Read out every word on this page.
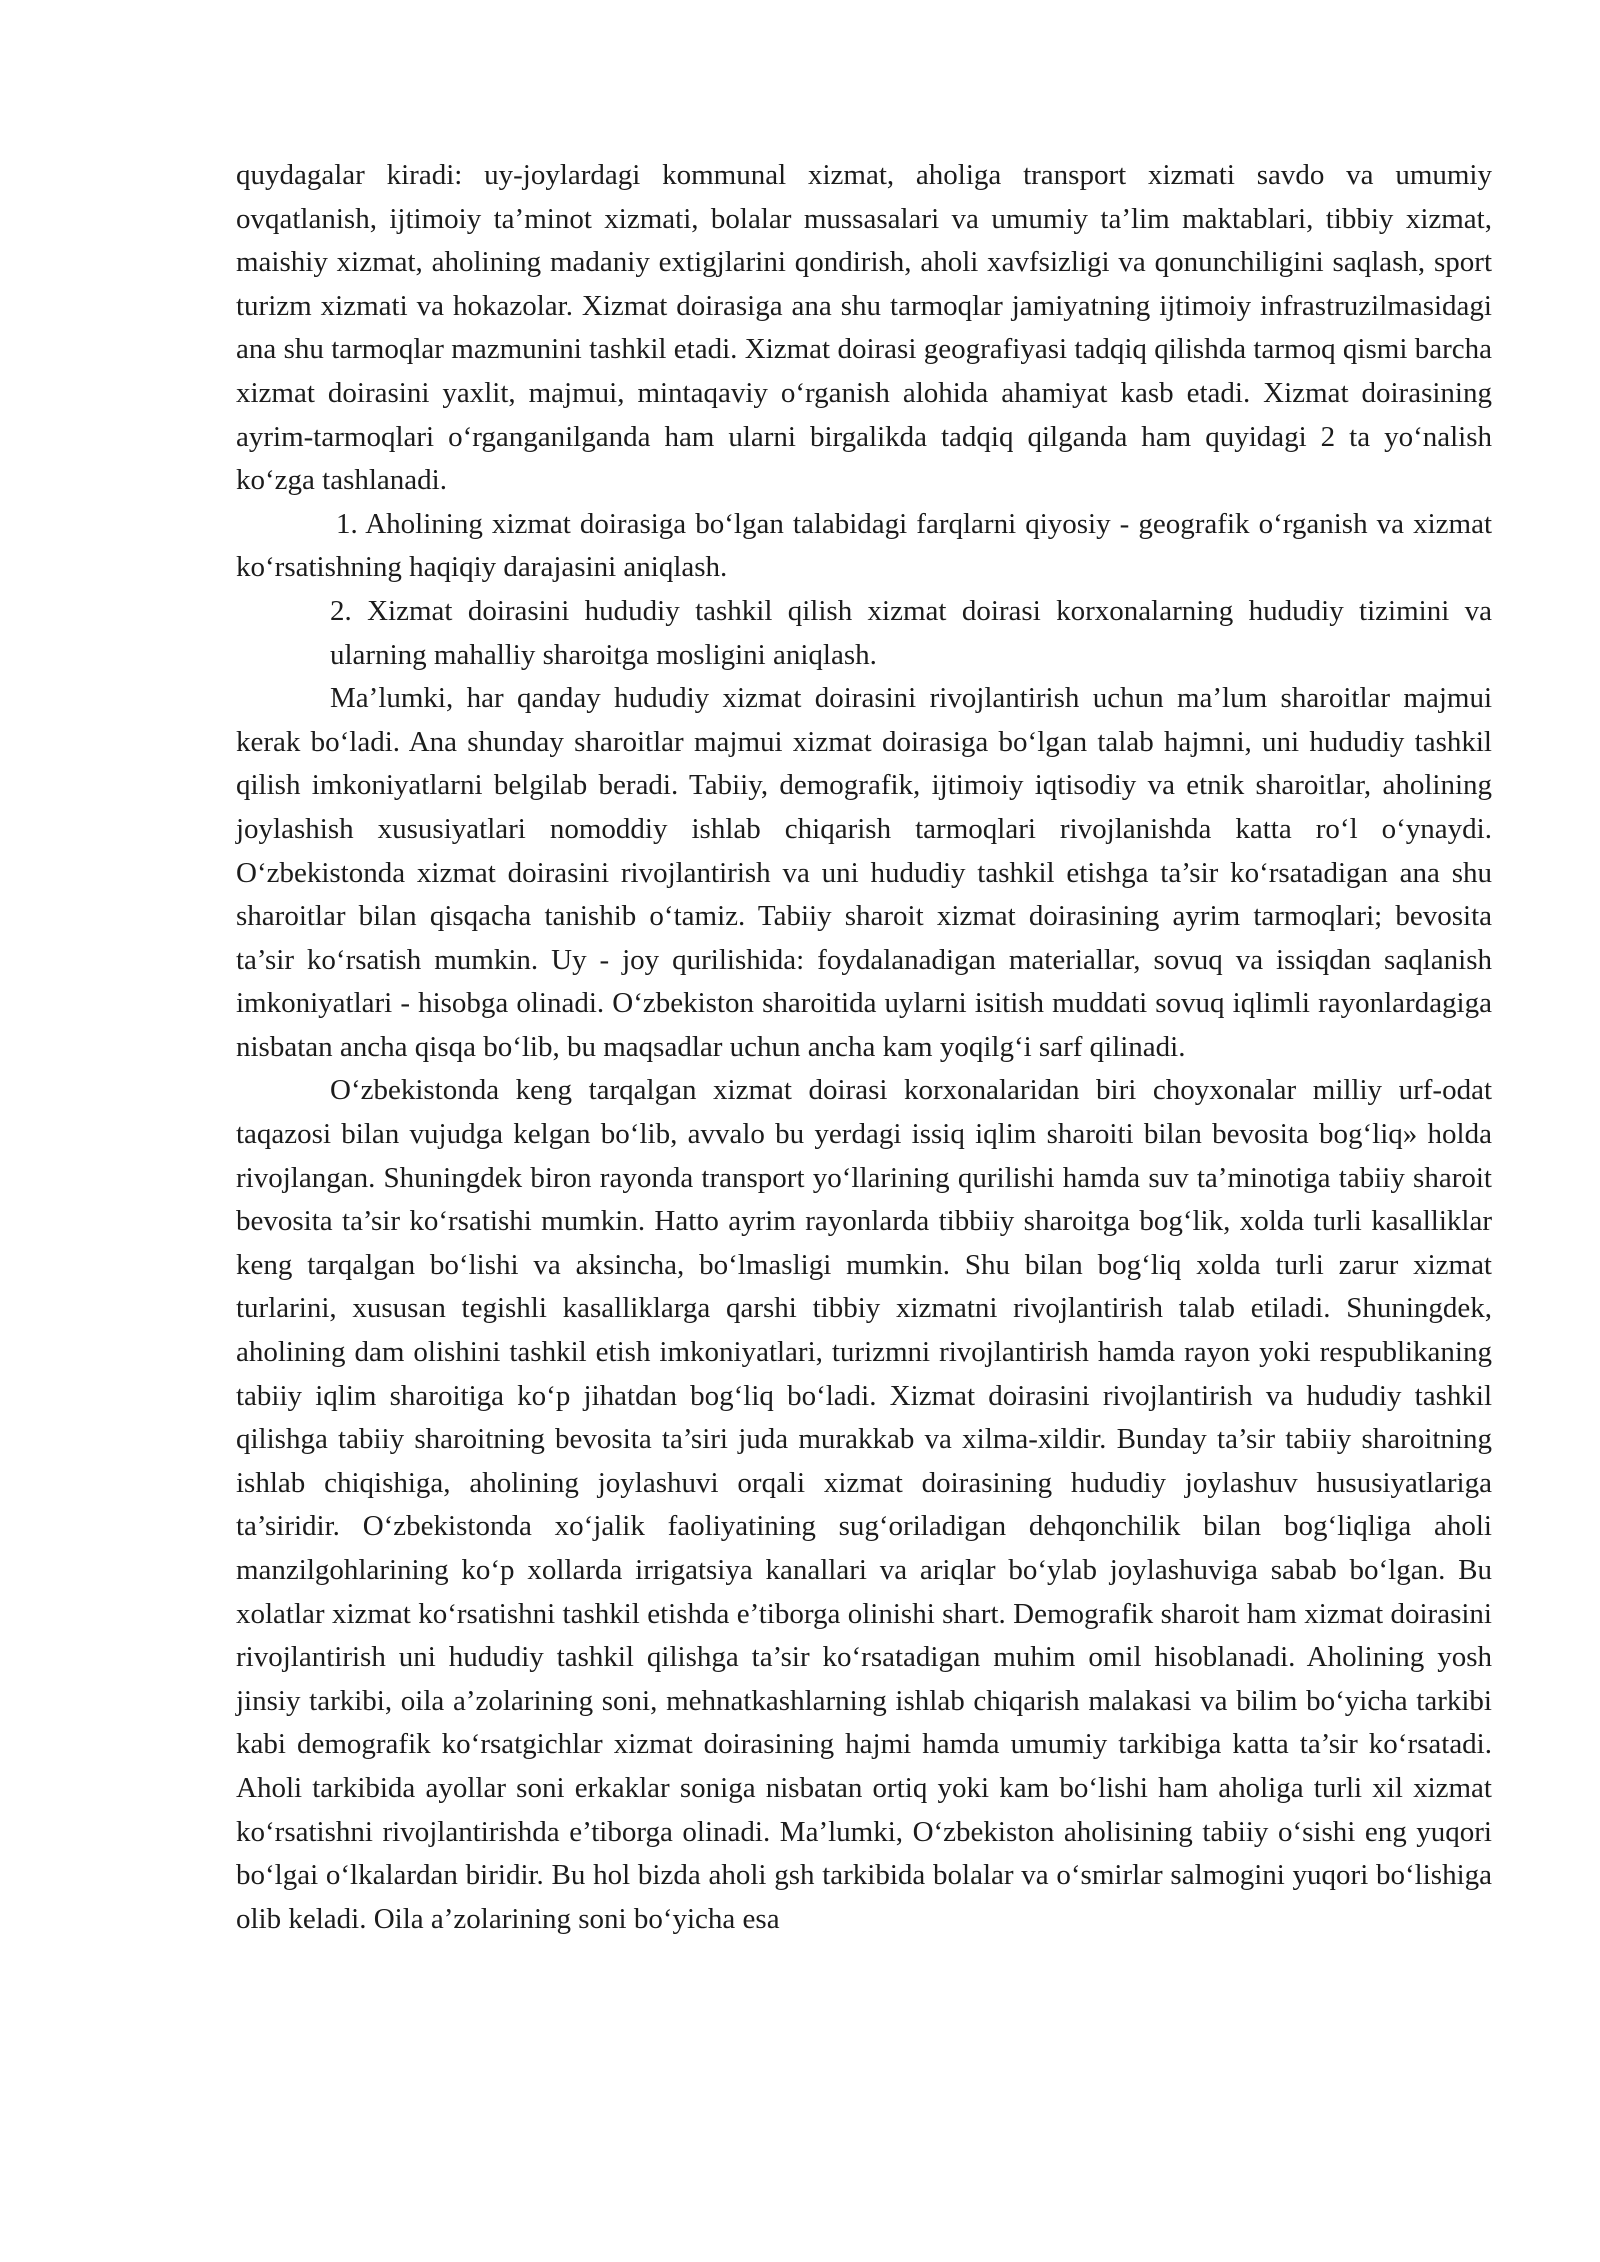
quydagalar kiradi: uy-joylardagi kommunal xizmat, aholiga transport xizmati savdo va umumiy ovqatlanish, ijtimoiy ta’minot xizmati, bolalar mussasalari va umumiy ta’lim maktablari, tibbiy xizmat, maishiy xizmat, aholining madaniy extigjlarini qondirish, aholi xavfsizligi va qonunchiligini saqlash, sport turizm xizmati va hokazolar. Xizmat doirasiga ana shu tarmoqlar jamiyatning ijtimoiy infrastruzilmasidagi ana shu tarmoqlar mazmunini tashkil etadi. Xizmat doirasi geografiyasi tadqiq qilishda tarmoq qismi barcha xizmat doirasini yaxlit, majmui, mintaqaviy o‘rganish alohida ahamiyat kasb etadi. Xizmat doirasining ayrim-tarmoqlari o‘rganganilganda ham ularni birgalikda tadqiq qilganda ham quyidagi 2 ta yo‘nalish ko‘zga tashlanadi.

1. Aholining xizmat doirasiga bo‘lgan talabidagi farqlarni qiyosiy - geografik o‘rganish va xizmat ko‘rsatishning haqiqiy darajasini aniqlash.

2. Xizmat doirasini hududiy tashkil qilish xizmat doirasi korxonalarning hududiy tizimini va ularning mahalliy sharoitga mosligini aniqlash.

Ma’lumki, har qanday hududiy xizmat doirasini rivojlantirish uchun ma’lum sharoitlar majmui kerak bo‘ladi. Ana shunday sharoitlar majmui xizmat doirasiga bo‘lgan talab hajmni, uni hududiy tashkil qilish imkoniyatlarni belgilab beradi. Tabiiy, demografik, ijtimoiy iqtisodiy va etnik sharoitlar, aholining joylashish xususiyatlari nomoddiy ishlab chiqarish tarmoqlari rivojlanishda katta ro‘l o‘ynaydi. O‘zbekistonda xizmat doirasini rivojlantirish va uni hududiy tashkil etishga ta’sir ko‘rsatadigan ana shu sharoitlar bilan qisqacha tanishib o‘tamiz. Tabiiy sharoit xizmat doirasining ayrim tarmoqlari; bevosita ta’sir ko‘rsatish mumkin. Uy - joy qurilishida: foydalanadigan materiallar, sovuq va issiqdan saqlanish imkoniyatlari - hisobga olinadi. O‘zbekiston sharoitida uylarni isitish muddati sovuq iqlimli rayonlardagiga nisbatan ancha qisqa bo‘lib, bu maqsadlar uchun ancha kam yoqilg‘i sarf qilinadi.

O‘zbekistonda keng tarqalgan xizmat doirasi korxonalaridan biri choyxonalar milliy urf-odat taqazosi bilan vujudga kelgan bo‘lib, avvalo bu yerdagi issiq iqlim sharoiti bilan bevosita bog‘liq» holda rivojlangan. Shuningdek biron rayonda transport yo‘llarining qurilishi hamda suv ta’minotiga tabiiy sharoit bevosita ta’sir ko‘rsatishi mumkin. Hatto ayrim rayonlarda tibbiiy sharoitga bog‘lik, xolda turli kasalliklar keng tarqalgan bo‘lishi va aksincha, bo‘lmasligi mumkin. Shu bilan bog‘liq xolda turli zarur xizmat turlarini, xususan tegishli kasalliklarga qarshi tibbiy xizmatni rivojlantirish talab etiladi. Shuningdek, aholining dam olishini tashkil etish imkoniyatlari, turizmni rivojlantirish hamda rayon yoki respublikaning tabiiy iqlim sharoitiga ko‘p jihatdan bog‘liq bo‘ladi. Xizmat doirasini rivojlantirish va hududiy tashkil qilishga tabiiy sharoitning bevosita ta’siri juda murakkab va xilma-xildir. Bunday ta’sir tabiiy sharoitning ishlab chiqishiga, aholining joylashuvi orqali xizmat doirasining hududiy joylashuv hususiyatlariga ta’siridir. O‘zbekistonda xo‘jalik faoliyatining sug‘oriladigan dehqonchilik bilan bog‘liqliga aholi manzilgohlarining ko‘p xollarda irrigatsiya kanallari va ariqlar bo‘ylab joylashuviga sabab bo‘lgan. Bu xolatlar xizmat ko‘rsatishni tashkil etishda e’tiborga olinishi shart. Demografik sharoit ham xizmat doirasini rivojlantirish uni hududiy tashkil qilishga ta’sir ko‘rsatadigan muhim omil hisoblanadi. Aholining yosh jinsiy tarkibi, oila a’zolarining soni, mehnatkashlarning ishlab chiqarish malakasi va bilim bo‘yicha tarkibi kabi demografik ko‘rsatgichlar xizmat doirasining hajmi hamda umumiy tarkibiga katta ta’sir ko‘rsatadi. Aholi tarkibida ayollar soni erkaklar soniga nisbatan ortiq yoki kam bo‘lishi ham aholiga turli xil xizmat ko‘rsatishni rivojlantirishda e’tiborga olinadi. Ma’lumki, O‘zbekiston aholisining tabiiy o‘sishi eng yuqori bo‘lgai o‘lkalardan biridir. Bu hol bizda aholi gsh tarkibida bolalar va o‘smirlar salmogini yuqori bo‘lishiga olib keladi. Oila a’zolarining soni bo‘yicha esa
